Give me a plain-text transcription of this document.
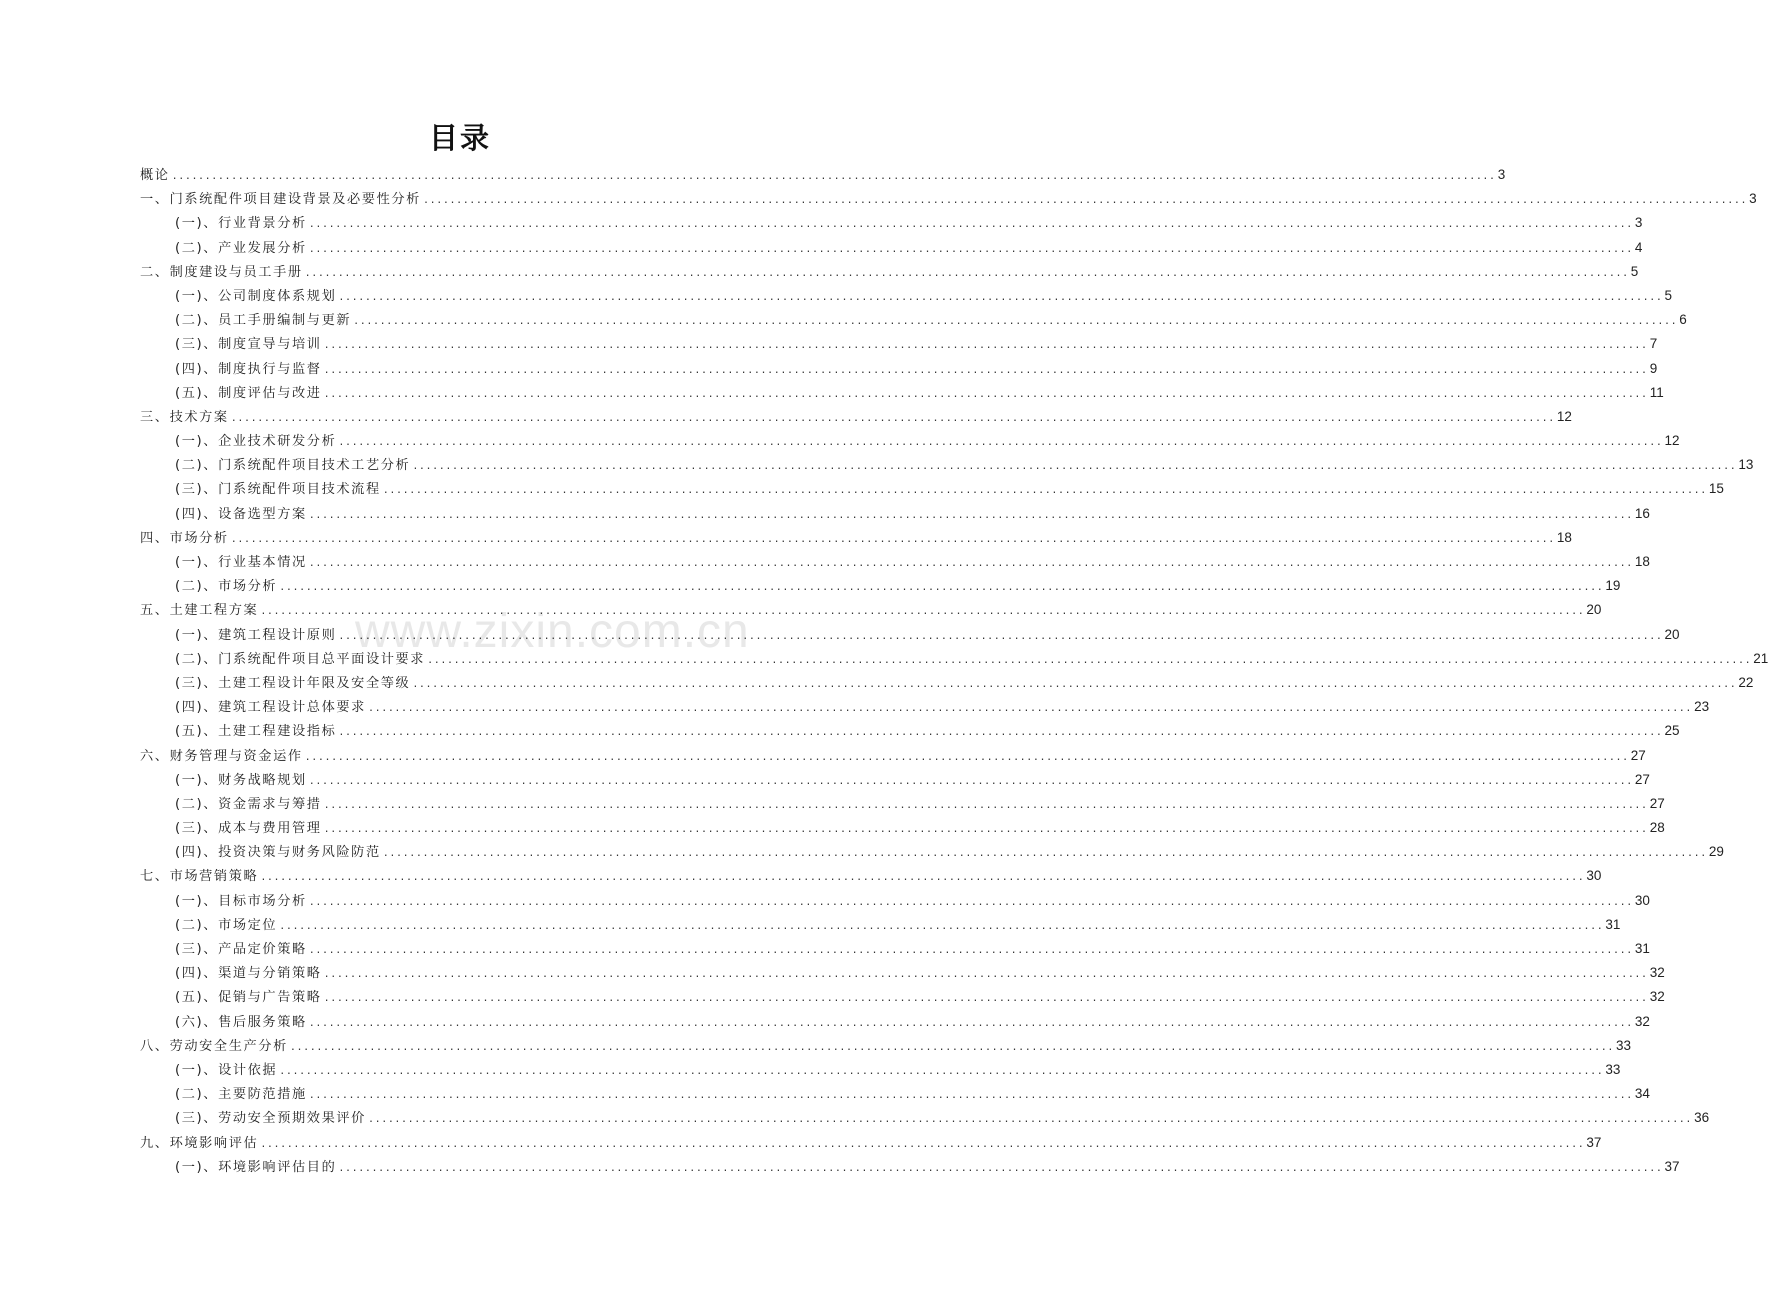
目录
www.zixin.com.cn
概论 ........................................................................................................................................................................................................ 3
一、门系统配件项目建设背景及必要性分析 ........................................................................................................................................................................................................ 3
(一)、行业背景分析 ........................................................................................................................................................................................................ 3
(二)、产业发展分析 ........................................................................................................................................................................................................ 4
二、制度建设与员工手册 ........................................................................................................................................................................................................ 5
(一)、公司制度体系规划 ........................................................................................................................................................................................................ 5
(二)、员工手册编制与更新 ........................................................................................................................................................................................................ 6
(三)、制度宣导与培训 ........................................................................................................................................................................................................ 7
(四)、制度执行与监督 ........................................................................................................................................................................................................ 9
(五)、制度评估与改进 ........................................................................................................................................................................................................ 11
三、技术方案 ........................................................................................................................................................................................................ 12
(一)、企业技术研发分析 ........................................................................................................................................................................................................ 12
(二)、门系统配件项目技术工艺分析 ........................................................................................................................................................................................................ 13
(三)、门系统配件项目技术流程 ........................................................................................................................................................................................................ 15
(四)、设备选型方案 ........................................................................................................................................................................................................ 16
四、市场分析 ........................................................................................................................................................................................................ 18
(一)、行业基本情况 ........................................................................................................................................................................................................ 18
(二)、市场分析 ........................................................................................................................................................................................................ 19
五、土建工程方案 ........................................................................................................................................................................................................ 20
(一)、建筑工程设计原则 ........................................................................................................................................................................................................ 20
(二)、门系统配件项目总平面设计要求 ........................................................................................................................................................................................................ 21
(三)、土建工程设计年限及安全等级 ........................................................................................................................................................................................................ 22
(四)、建筑工程设计总体要求 ........................................................................................................................................................................................................ 23
(五)、土建工程建设指标 ........................................................................................................................................................................................................ 25
六、财务管理与资金运作 ........................................................................................................................................................................................................ 27
(一)、财务战略规划 ........................................................................................................................................................................................................ 27
(二)、资金需求与筹措 ........................................................................................................................................................................................................ 27
(三)、成本与费用管理 ........................................................................................................................................................................................................ 28
(四)、投资决策与财务风险防范 ........................................................................................................................................................................................................ 29
七、市场营销策略 ........................................................................................................................................................................................................ 30
(一)、目标市场分析 ........................................................................................................................................................................................................ 30
(二)、市场定位 ........................................................................................................................................................................................................ 31
(三)、产品定价策略 ........................................................................................................................................................................................................ 31
(四)、渠道与分销策略 ........................................................................................................................................................................................................ 32
(五)、促销与广告策略 ........................................................................................................................................................................................................ 32
(六)、售后服务策略 ........................................................................................................................................................................................................ 32
八、劳动安全生产分析 ........................................................................................................................................................................................................ 33
(一)、设计依据 ........................................................................................................................................................................................................ 33
(二)、主要防范措施 ........................................................................................................................................................................................................ 34
(三)、劳动安全预期效果评价 ........................................................................................................................................................................................................ 36
九、环境影响评估 ........................................................................................................................................................................................................ 37
(一)、环境影响评估目的 ........................................................................................................................................................................................................ 37
